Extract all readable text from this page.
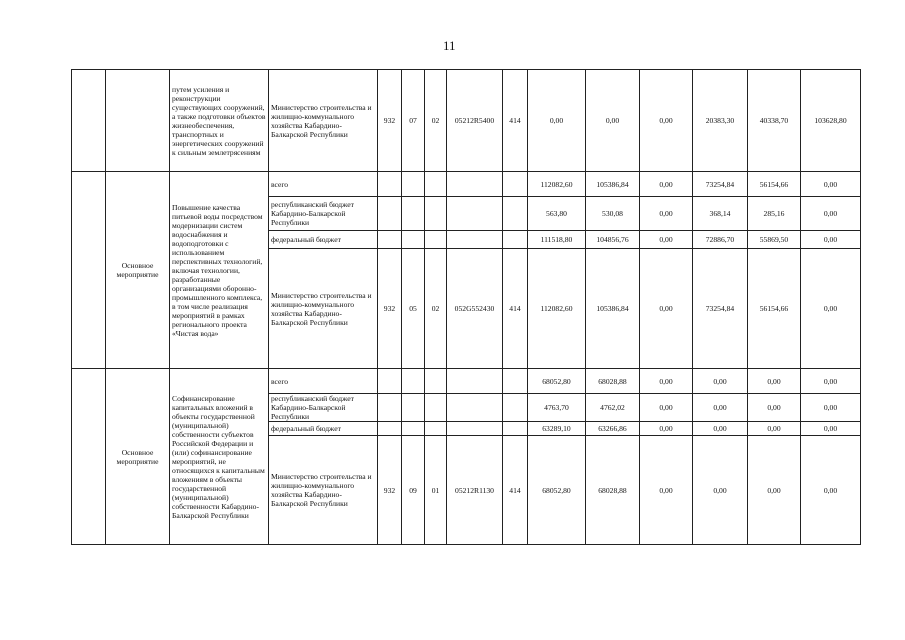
11
		путем усиления и реконструкции существующих сооружений, а также подготовки объектов жизнеобеспечения, транспортных и энергетических сооружений к сильным землетрясениям	Министерство строительства и жилищно-коммунального хозяйства Кабардино-Балкарской Республики	932	07	02	05212R5400	414	0,00	0,00	0,00	20383,30	40338,70	103628,80
	Основное мероприятие	Повышение качества питьевой воды посредством модернизации систем водоснабжения и водоподготовки с использованием перспективных технологий, включая технологии, разработанные организациями оборонно-промышленного комплекса, в том числе реализация мероприятий в рамках регионального проекта «Чистая вода»	всего						112082,60	105386,84	0,00	73254,84	56154,66	0,00
			республиканский бюджет Кабардино-Балкарской Республики						563,80	530,08	0,00	368,14	285,16	0,00
			федеральный бюджет						111518,80	104856,76	0,00	72886,70	55869,50	0,00
			Министерство строительства и жилищно-коммунального хозяйства Кабардино-Балкарской Республики	932	05	02	052G552430	414	112082,60	105386,84	0,00	73254,84	56154,66	0,00
	Основное мероприятие	Софинансирование капитальных вложений в объекты государственной (муниципальной) собственности субъектов Российской Федерации и (или) софинансирование мероприятий, не относящихся к капитальным вложениям в объекты государственной (муниципальной) собственности Кабардино-Балкарской Республики	всего						68052,80	68028,88	0,00	0,00	0,00	0,00
			республиканский бюджет Кабардино-Балкарской Республики						4763,70	4762,02	0,00	0,00	0,00	0,00
			федеральный бюджет						63289,10	63266,86	0,00	0,00	0,00	0,00
			Министерство строительства и жилищно-коммунального хозяйства Кабардино-Балкарской Республики	932	09	01	05212R1130	414	68052,80	68028,88	0,00	0,00	0,00	0,00
